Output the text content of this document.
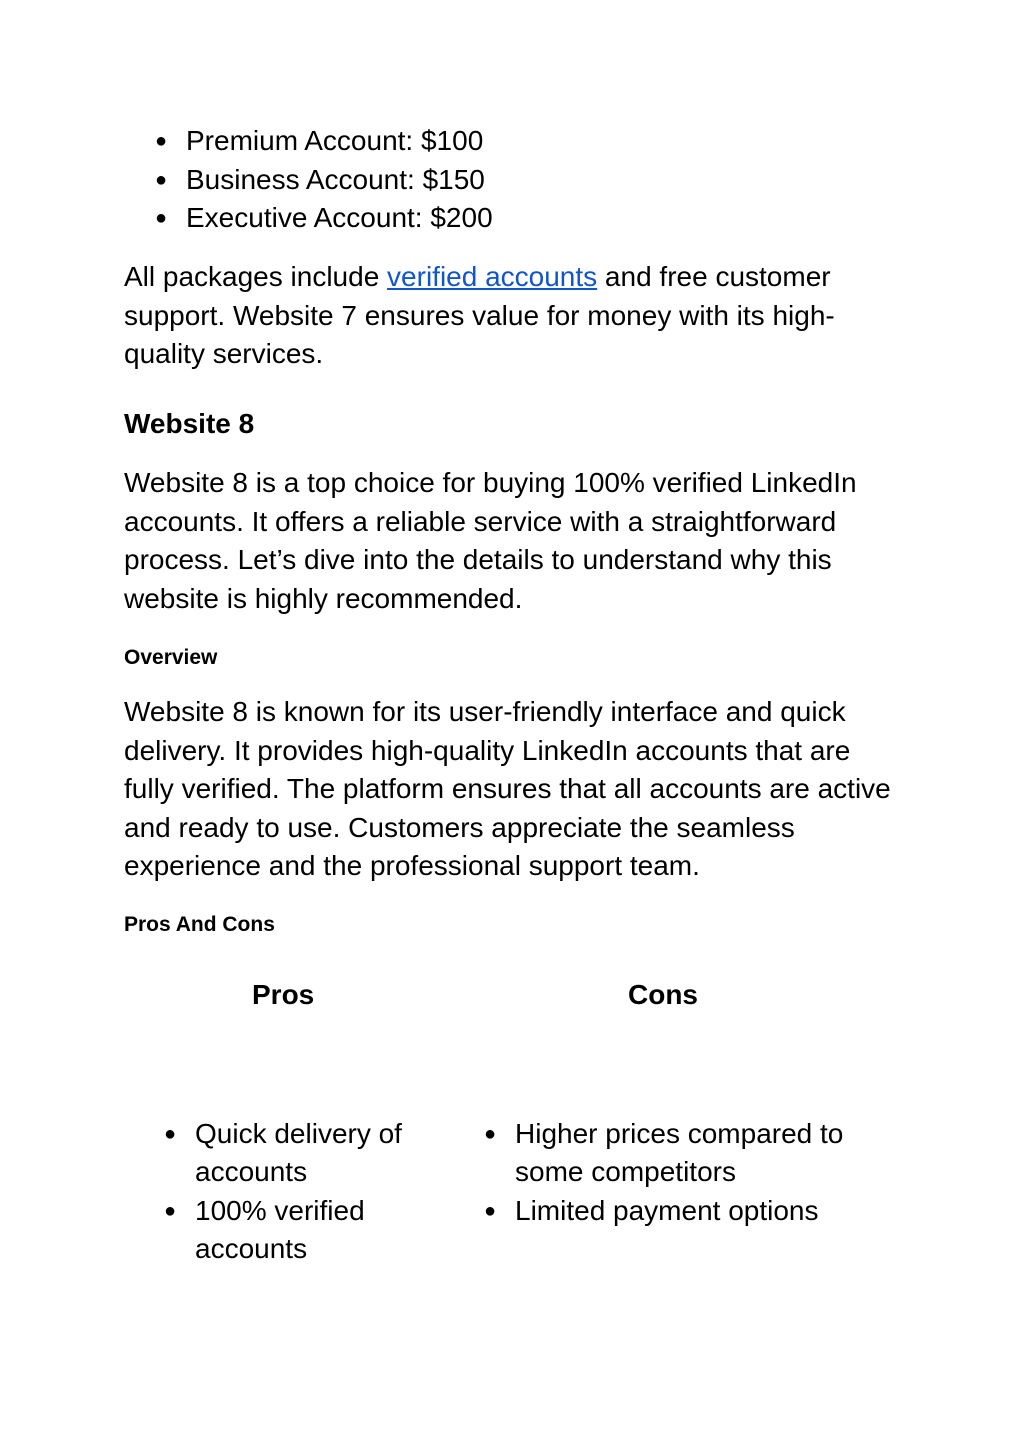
● Premium Account: $100
● Business Account: $150
● Executive Account: $200

All packages include verified accounts and free customer support. Website 7 ensures value for money with its high-quality services.

Website 8

Website 8 is a top choice for buying 100% verified LinkedIn accounts. It offers a reliable service with a straightforward process. Let’s dive into the details to understand why this website is highly recommended.

Overview

Website 8 is known for its user-friendly interface and quick delivery. It provides high-quality LinkedIn accounts that are fully verified. The platform ensures that all accounts are active and ready to use. Customers appreciate the seamless experience and the professional support team.

Pros And Cons
Pros	Cons
● Quick delivery of accounts
● 100% verified accounts
● Higher prices compared to some competitors
● Limited payment options
